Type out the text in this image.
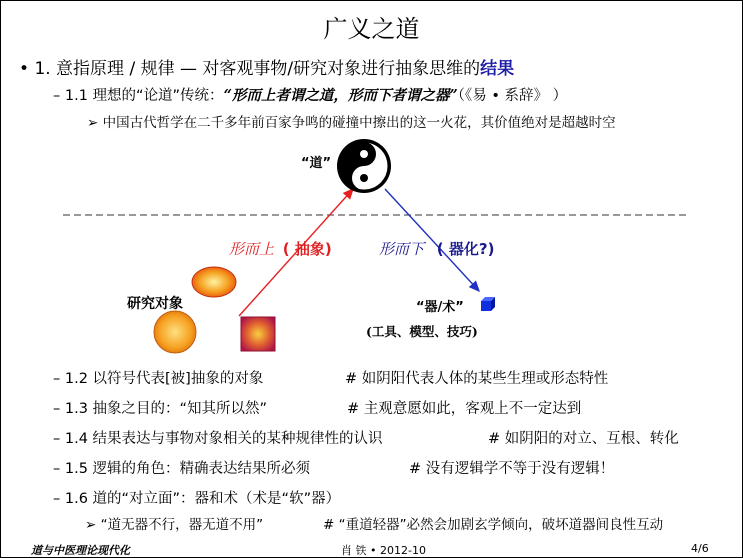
广义之道
• 1. 意指原理 / 规律 — 对客观事物/研究对象进行抽象思维的结果
– 1.1 理想的“论道”传统：“形而上者谓之道，形而下者谓之器”（《易 • 系辞》 ）
➢ 中国古代哲学在二千多年前百家争鸣的碰撞中擦出的这一火花，其价值绝对是超越时空
“道”
研究对象
形而上 ( 抽象)	形而下 ( 器化?)
“器/术”
(工具、模型、技巧)
– 1.2 以符号代表[被]抽象的对象	# 如阴阳代表人体的某些生理或形态特性
– 1.3 抽象之目的：“知其所以然”	# 主观意愿如此，客观上不一定达到
– 1.4 结果表达与事物对象相关的某种规律性的认识	# 如阴阳的对立、互根、转化
– 1.5 逻辑的角色：精确表达结果所必须	# 没有逻辑学不等于没有逻辑！
– 1.6 道的“对立面”：器和术（术是“软”器）
➢ “道无器不行，器无道不用”	# “重道轻器”必然会加剧玄学倾向，破坏道器间良性互动
道与中医理论现代化	肖 铁 • 2012-10	4/6
